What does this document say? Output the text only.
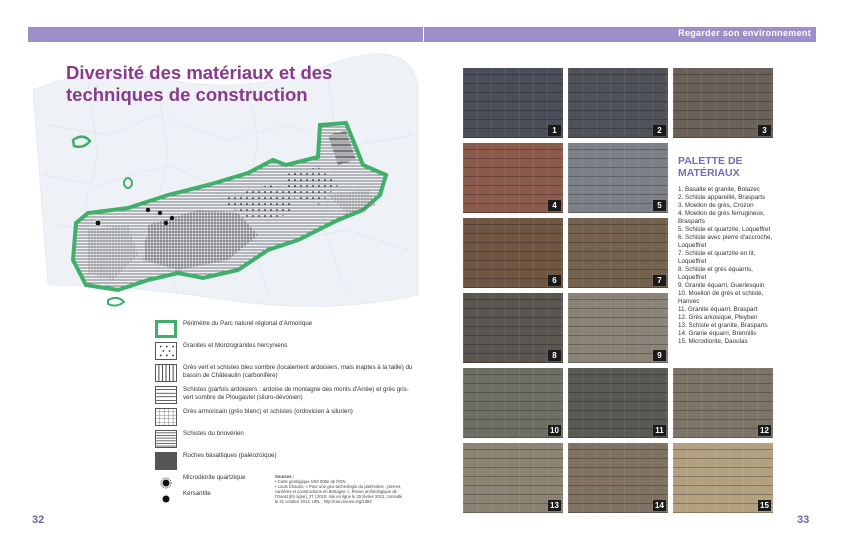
Regarder son environnement
Diversité des matériaux et des techniques de construction
Périmètre du Parc naturel régional d'Armorique
Granites et Monzogranites hercyniens
Grès vert et schistes bleu sombre (localement ardoisiers, mais inaptes à la taille) du bassin de Châteaulin (carbonifère)
Schistes (parfois ardoisiers : ardoise de montagne des monts d'Arrée) et grès gris-vert sombre de Plougastel (siluro-dévonien)
Grès armoricain (grès blanc) et schistes (ordovicien à silurien)
Schistes du briovérien
Roches basaltiques (paléozoïque)
Microdiorite quartzique
Kersantite
Sources :
• Carte géologique 1/50 000e de l'IGN
• Louis Chauris, « Pour une géo-archéologie du patrimoine : pierres, carrières et constructions en Bretagne », Revue archéologique de l'Ouest [En ligne], 27 | 2010, mis en ligne le 25 février 2012, consulté le 31 octobre 2012. URL : http://rao.revues.org/1384
32	33
1	2	3
4	5
6	7
8	9
10	11	12
13	14	15
PALETTE DE MATÉRIAUX
1. Basalte et granite, Bolazec
2. Schiste appareillé, Brasparts
3. Moellon de grès, Crozon
4. Moellon de grès ferrugineux, Brasparts
5. Schiste et quartzite, Loqueffret
6. Schiste avec pierre d'accroche, Loqueffret
7. Schiste et quartzite en lit, Loqueffret
8. Schiste et grès équarris, Loqueffret
9. Granite équarri, Guerlesquin
10. Moellon de grès et schiste, Hanvec
11. Granite équarri, Braspart
12. Grès arkosique, Pleyben
13. Schiste et granite, Brasparts
14. Granie équarri, Brennilis
15. Microdiorite, Daoulas
